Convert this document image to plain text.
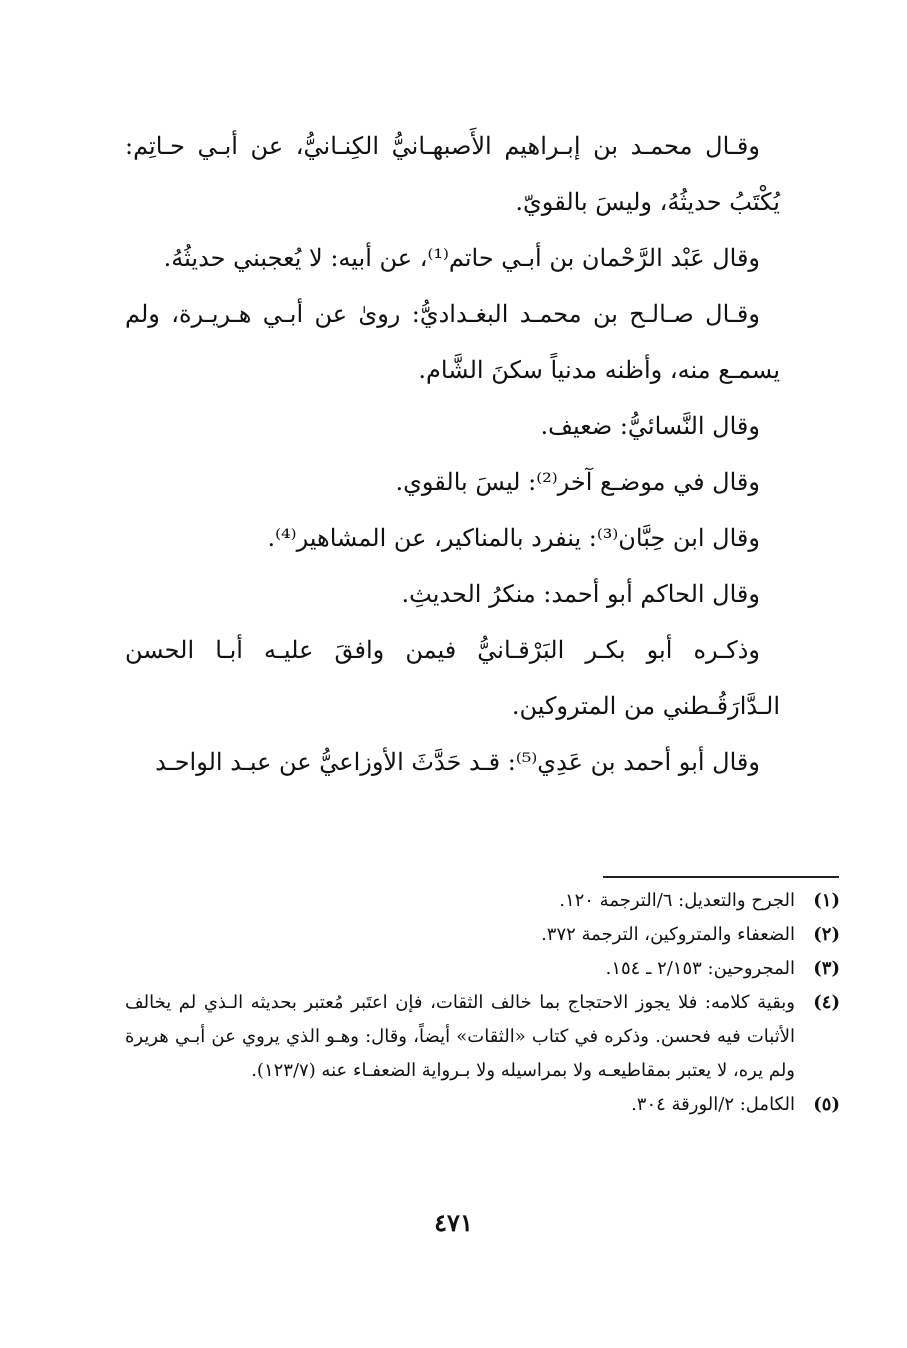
وقـال محمـد بن إبـراهيم الأَصبهـانيُّ الكِنـانيُّ، عن أبـي حـاتِم: يُكْتَبُ حديثُهُ، وليسَ بالقويّ.

وقال عَبْد الرَّحْمان بن أبـي حاتم⁽¹⁾، عن أبيه: لا يُعجبني حديثُهُ.

وقـال صـالـح بن محمـد البغـداديُّ: روىٰ عن أبـي هـريـرة، ولم يسمـع منه، وأظنه مدنياً سكنَ الشَّام.

وقال النَّسائيُّ: ضعيف.

وقال في موضـع آخر⁽²⁾: ليسَ بالقوي.

وقال ابن حِبَّان⁽³⁾: ينفرد بالمناكير، عن المشاهير⁽⁴⁾.

وقال الحاكم أبو أحمد: منكرُ الحديثِ.

وذكـره أبو بكـر البَرْقـانيُّ فيمن وافقَ عليـه أبـا الحسن الـدَّارَقُـطني من المتروكين.

وقال أبو أحمد بن عَدِي⁽⁵⁾: قـد حَدَّثَ الأوزاعيُّ عن عبـد الواحـد

(١)
الجرح والتعديل: ٦/الترجمة ١٢٠.
(٢)
الضعفاء والمتروكين، الترجمة ٣٧٢.
(٣)
المجروحين: ٢/١٥٣ ـ ١٥٤.
(٤)
وبقية كلامه: فلا يجوز الاحتجاج بما خالف الثقات، فإن اعتَبر مُعتبر بحديثه الـذي لم يخالف الأثبات فيه فحسن. وذكره في كتاب «الثقات» أيضاً، وقال: وهـو الذي يروي عن أبـي هريرة ولم يره، لا يعتبر بمقاطيعـه ولا بمراسيله ولا بـرواية الضعفـاء عنه (١٢٣/٧).
(٥)
الكامل: ٢/الورقة ٣٠٤.
٤٧١
